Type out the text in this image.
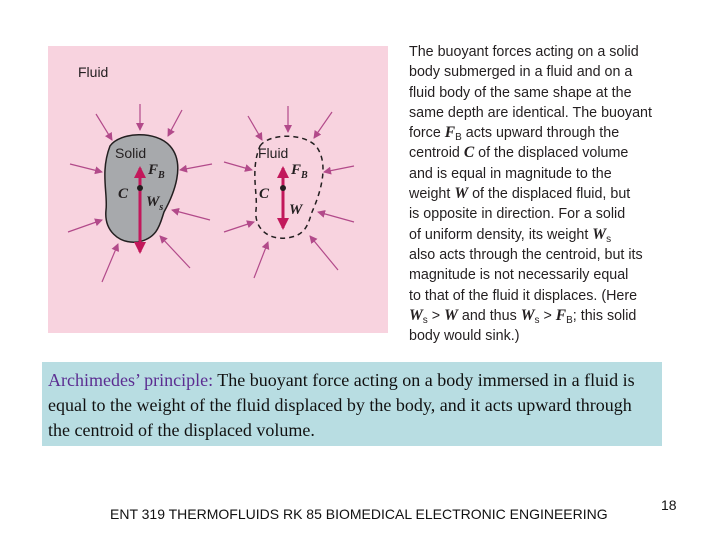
Fluid
Solid
C
$F_B$
$W_s$
Fluid
C
$F_B$
W
The buoyant forces acting on a solid
body submerged in a fluid and on a
fluid body of the same shape at the
same depth are identical. The buoyant
force $F_B$ acts upward through the
centroid C of the displaced volume
and is equal in magnitude to the
weight W of the displaced fluid, but
is opposite in direction. For a solid
of uniform density, its weight $W_s$
also acts through the centroid, but its
magnitude is not necessarily equal
to that of the fluid it displaces. (Here
$W_s > W$ and thus $W_s > F_B$; this solid
body would sink.)
Archimedes’ principle: The buoyant force acting on a body immersed in a fluid is equal to the weight of the fluid displaced by the body, and it acts upward through the centroid of the displaced volume.
ENT 319 THERMOFLUIDS RK 85 BIOMEDICAL ELECTRONIC ENGINEERING
18
